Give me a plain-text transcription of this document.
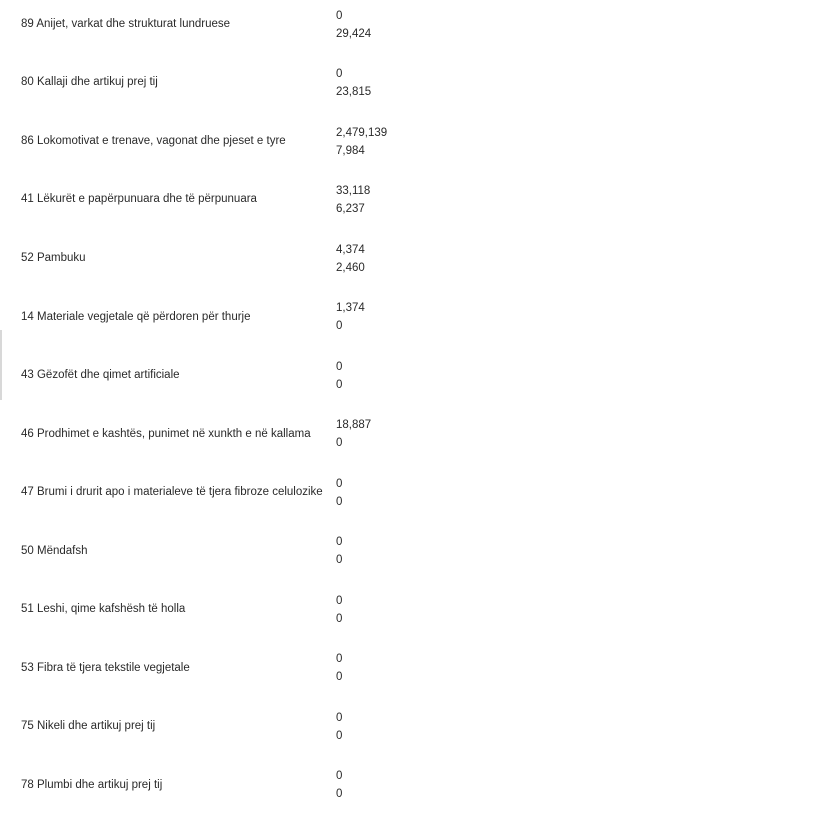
89 Anijet, varkat dhe strukturat lundruese
0
29,424
80 Kallaji dhe artikuj prej tij
0
23,815
86 Lokomotivat e trenave, vagonat dhe pjeset e tyre
2,479,139
7,984
41 Lëkurët e papërpunuara dhe të përpunuara
33,118
6,237
52 Pambuku
4,374
2,460
14 Materiale vegjetale që përdoren për thurje
1,374
0
43 Gëzofët dhe qimet artificiale
0
0
46 Prodhimet e kashtës, punimet në xunkth e në kallama
18,887
0
47 Brumi i drurit apo i materialeve të tjera fibroze celulozike
0
0
50 Mëndafsh
0
0
51 Leshi, qime kafshësh të holla
0
0
53 Fibra të tjera tekstile vegjetale
0
0
75 Nikeli dhe artikuj prej tij
0
0
78 Plumbi dhe artikuj prej tij
0
0
